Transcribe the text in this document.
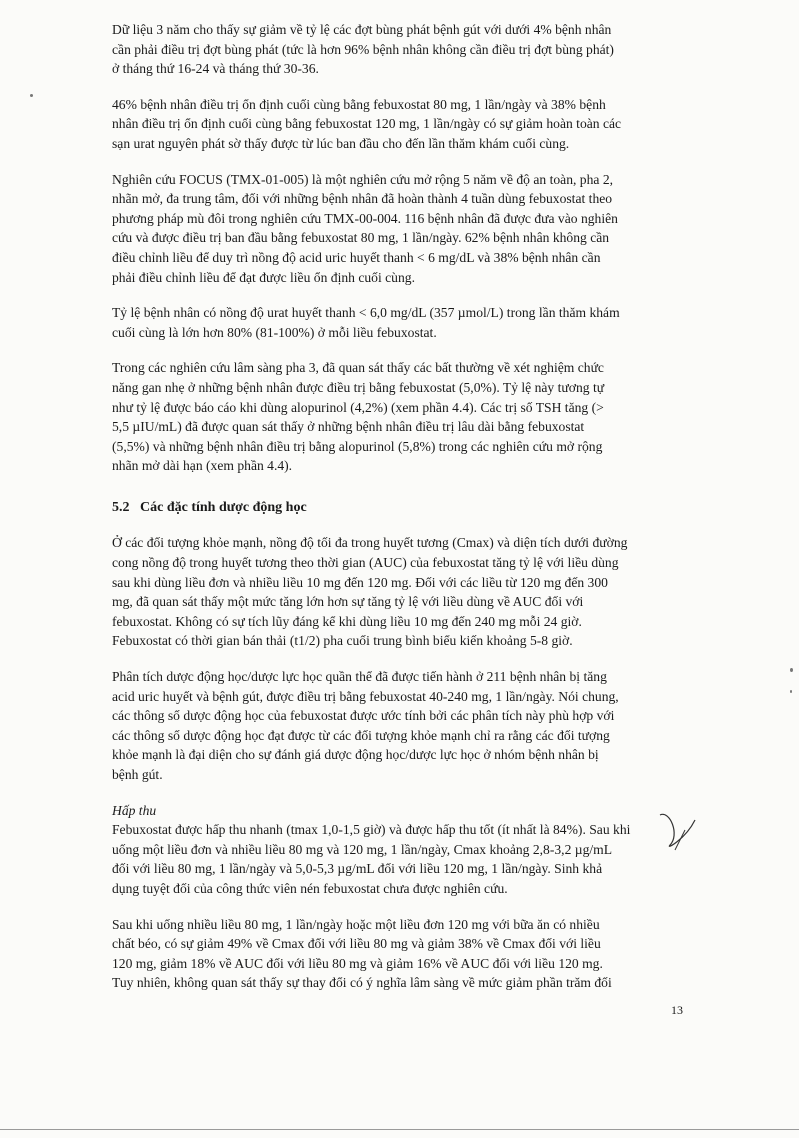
Dữ liệu 3 năm cho thấy sự giảm về tỷ lệ các đợt bùng phát bệnh gút với dưới 4% bệnh nhân

cần phải điều trị đợt bùng phát (tức là hơn 96% bệnh nhân không cần điều trị đợt bùng phát)

ở tháng thứ 16-24 và tháng thứ 30-36.

46% bệnh nhân điều trị ổn định cuối cùng bằng febuxostat 80 mg, 1 lần/ngày và 38% bệnh

nhân điều trị ổn định cuối cùng bằng febuxostat 120 mg, 1 lần/ngày có sự giảm hoàn toàn các

sạn urat nguyên phát sờ thấy được từ lúc ban đầu cho đến lần thăm khám cuối cùng.

Nghiên cứu FOCUS (TMX-01-005) là một nghiên cứu mở rộng 5 năm về độ an toàn, pha 2,

nhãn mở, đa trung tâm, đối với những bệnh nhân đã hoàn thành 4 tuần dùng febuxostat theo

phương pháp mù đôi trong nghiên cứu TMX-00-004. 116 bệnh nhân đã được đưa vào nghiên

cứu và được điều trị ban đầu bằng febuxostat 80 mg, 1 lần/ngày. 62% bệnh nhân không cần

điều chỉnh liều để duy trì nồng độ acid uric huyết thanh < 6 mg/dL và 38% bệnh nhân cần

phải điều chỉnh liều để đạt được liều ổn định cuối cùng.

Tỷ lệ bệnh nhân có nồng độ urat huyết thanh < 6,0 mg/dL (357 µmol/L) trong lần thăm khám

cuối cùng là lớn hơn 80% (81-100%) ở mỗi liều febuxostat.

Trong các nghiên cứu lâm sàng pha 3, đã quan sát thấy các bất thường về xét nghiệm chức

năng gan nhẹ ở những bệnh nhân được điều trị bằng febuxostat (5,0%). Tỷ lệ này tương tự

như tỷ lệ được báo cáo khi dùng alopurinol (4,2%) (xem phần 4.4). Các trị số TSH tăng (>

5,5 µIU/mL) đã được quan sát thấy ở những bệnh nhân điều trị lâu dài bằng febuxostat

(5,5%) và những bệnh nhân điều trị bằng alopurinol (5,8%) trong các nghiên cứu mở rộng

nhãn mở dài hạn (xem phần 4.4).

5.2 Các đặc tính dược động học

Ở các đối tượng khỏe mạnh, nồng độ tối đa trong huyết tương (Cmax) và diện tích dưới đường

cong nồng độ trong huyết tương theo thời gian (AUC) của febuxostat tăng tỷ lệ với liều dùng

sau khi dùng liều đơn và nhiều liều 10 mg đến 120 mg. Đối với các liều từ 120 mg đến 300

mg, đã quan sát thấy một mức tăng lớn hơn sự tăng tỷ lệ với liều dùng về AUC đối với

febuxostat. Không có sự tích lũy đáng kể khi dùng liều 10 mg đến 240 mg mỗi 24 giờ.

Febuxostat có thời gian bán thải (t1/2) pha cuối trung bình biểu kiến khoảng 5-8 giờ.

Phân tích dược động học/dược lực học quần thể đã được tiến hành ở 211 bệnh nhân bị tăng

acid uric huyết và bệnh gút, được điều trị bằng febuxostat 40-240 mg, 1 lần/ngày. Nói chung,

các thông số dược động học của febuxostat được ước tính bởi các phân tích này phù hợp với

các thông số dược động học đạt được từ các đối tượng khỏe mạnh chỉ ra rằng các đối tượng

khỏe mạnh là đại diện cho sự đánh giá dược động học/dược lực học ở nhóm bệnh nhân bị

bệnh gút.

Hấp thu

Febuxostat được hấp thu nhanh (tmax 1,0-1,5 giờ) và được hấp thu tốt (ít nhất là 84%). Sau khi

uống một liều đơn và nhiều liều 80 mg và 120 mg, 1 lần/ngày, Cmax khoảng 2,8-3,2 µg/mL

đối với liều 80 mg, 1 lần/ngày và 5,0-5,3 µg/mL đối với liều 120 mg, 1 lần/ngày. Sinh khả

dụng tuyệt đối của công thức viên nén febuxostat chưa được nghiên cứu.

Sau khi uống nhiều liều 80 mg, 1 lần/ngày hoặc một liều đơn 120 mg với bữa ăn có nhiều

chất béo, có sự giảm 49% về Cmax đối với liều 80 mg và giảm 38% về Cmax đối với liều

120 mg, giảm 18% về AUC đối với liều 80 mg và giảm 16% về AUC đối với liều 120 mg.

Tuy nhiên, không quan sát thấy sự thay đổi có ý nghĩa lâm sàng về mức giảm phần trăm đối

13
